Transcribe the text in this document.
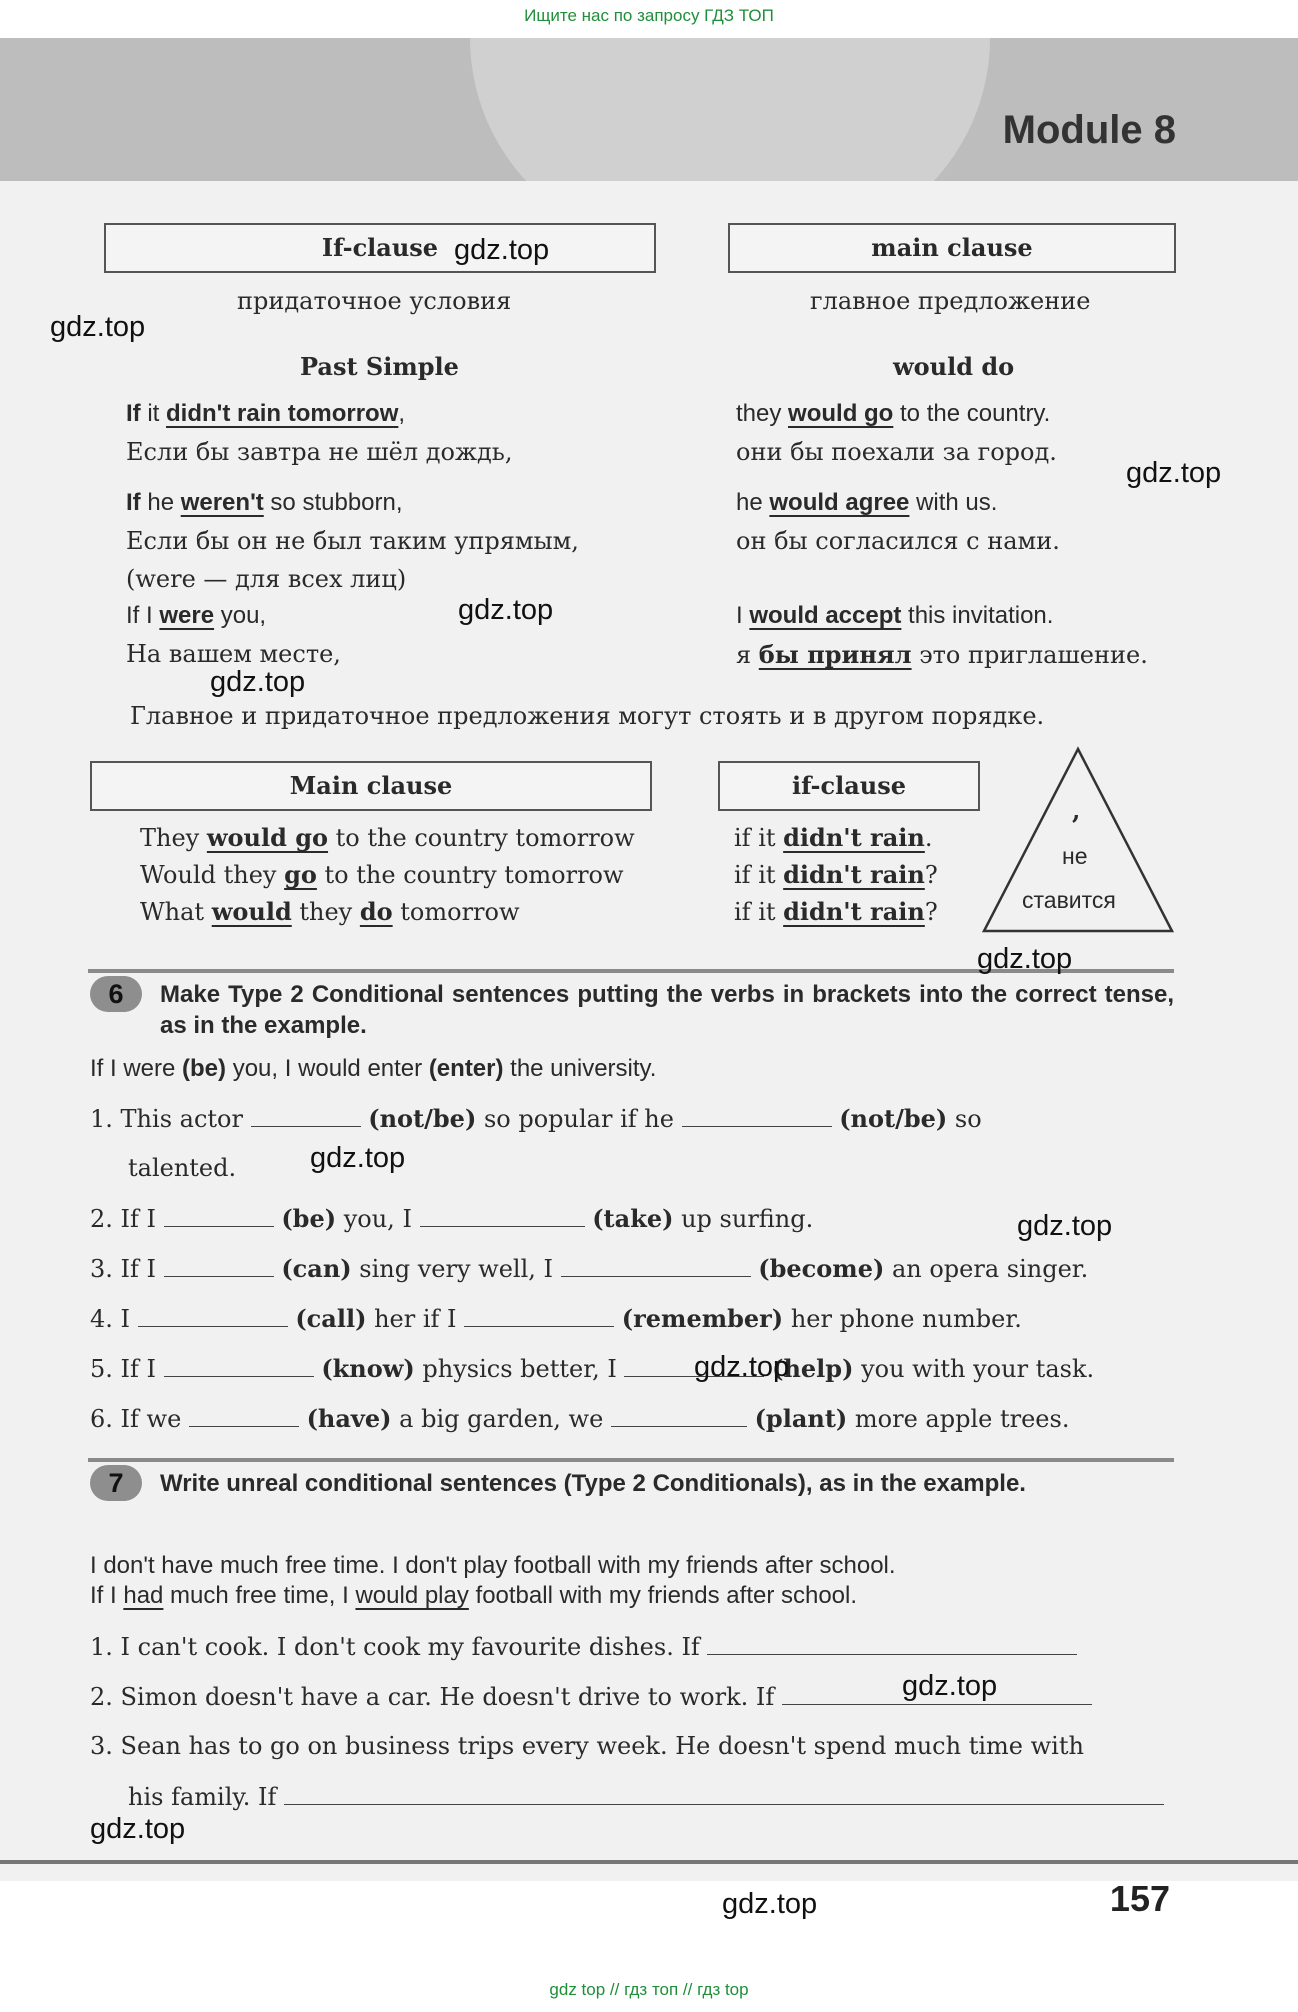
Ищите нас по запросу ГДЗ ТОП
Module 8
If-clause	main clause
придаточное условия	главное предложение
Past Simple	would do
If it didn't rain tomorrow,	they would go to the country.
Если бы завтра не шёл дождь,	они бы поехали за город.
If he weren't so stubborn,	he would agree with us.
Если бы он не был таким упрямым,	он бы согласился с нами.
(were — для всех лиц)
If I were you,	I would accept this invitation.
На вашем месте,	я бы принял это приглашение.
Главное и придаточное предложения могут стоять и в другом порядке.
Main clause	if-clause
They would go to the country tomorrow	if it didn't rain.
Would they go to the country tomorrow	if it didn't rain?
What would they do tomorrow	if it didn't rain?
,
не
ставится
6	Make Type 2 Conditional sentences putting the verbs in brackets into the correct tense, as in the example.
If I were (be) you, I would enter (enter) the university.
1. This actor	(not/be) so popular if he	(not/be) so
talented.
2. If I	(be) you, I	(take) up surfing.
3. If I	(can) sing very well, I	(become) an opera singer.
4. I	(call) her if I	(remember) her phone number.
5. If I	(know) physics better, I	(help) you with your task.
6. If we	(have) a big garden, we	(plant) more apple trees.
7	Write unreal conditional sentences (Type 2 Conditionals), as in the example.
I don't have much free time. I don't play football with my friends after school.
If I had much free time, I would play football with my friends after school.
1. I can't cook. I don't cook my favourite dishes. If
2. Simon doesn't have a car. He doesn't drive to work. If
3. Sean has to go on business trips every week. He doesn't spend much time with
his family. If
157
gdz.top
gdz.top
gdz.top
gdz.top
gdz.top
gdz.top
gdz.top
gdz.top
gdz.top
gdz.top
gdz.top
gdz.top
gdz top // гдз топ // гдз top
